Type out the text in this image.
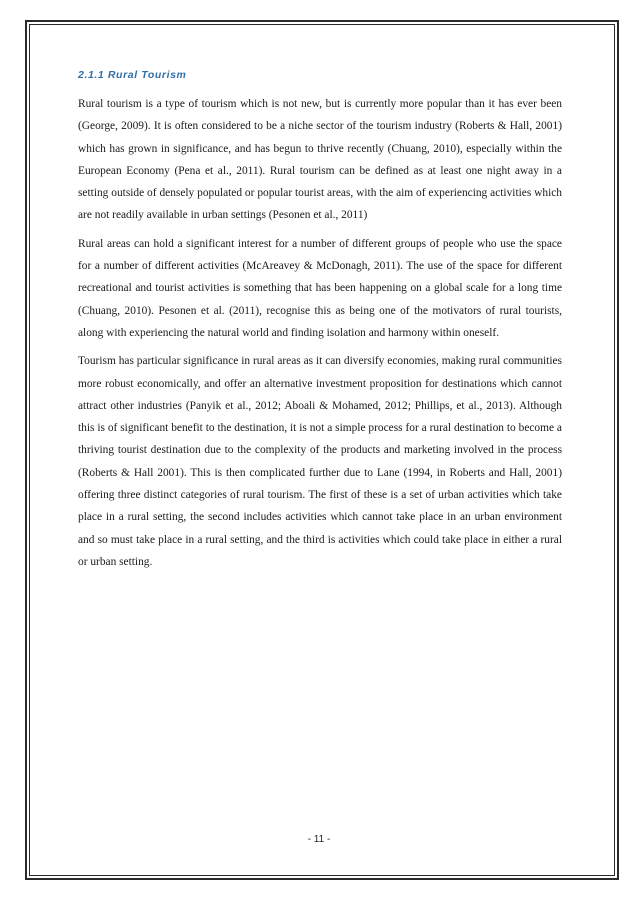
2.1.1 Rural Tourism

Rural tourism is a type of tourism which is not new, but is currently more popular than it has ever been (George, 2009). It is often considered to be a niche sector of the tourism industry (Roberts & Hall, 2001) which has grown in significance, and has begun to thrive recently (Chuang, 2010), especially within the European Economy (Pena et al., 2011). Rural tourism can be defined as at least one night away in a setting outside of densely populated or popular tourist areas, with the aim of experiencing activities which are not readily available in urban settings (Pesonen et al., 2011)

Rural areas can hold a significant interest for a number of different groups of people who use the space for a number of different activities (McAreavey & McDonagh, 2011). The use of the space for different recreational and tourist activities is something that has been happening on a global scale for a long time (Chuang, 2010). Pesonen et al. (2011), recognise this as being one of the motivators of rural tourists, along with experiencing the natural world and finding isolation and harmony within oneself.

Tourism has particular significance in rural areas as it can diversify economies, making rural communities more robust economically, and offer an alternative investment proposition for destinations which cannot attract other industries (Panyik et al., 2012; Aboali & Mohamed, 2012; Phillips, et al., 2013). Although this is of significant benefit to the destination, it is not a simple process for a rural destination to become a thriving tourist destination due to the complexity of the products and marketing involved in the process (Roberts & Hall 2001). This is then complicated further due to Lane (1994, in Roberts and Hall, 2001) offering three distinct categories of rural tourism. The first of these is a set of urban activities which take place in a rural setting, the second includes activities which cannot take place in an urban environment and so must take place in a rural setting, and the third is activities which could take place in either a rural or urban setting.

- 11 -
